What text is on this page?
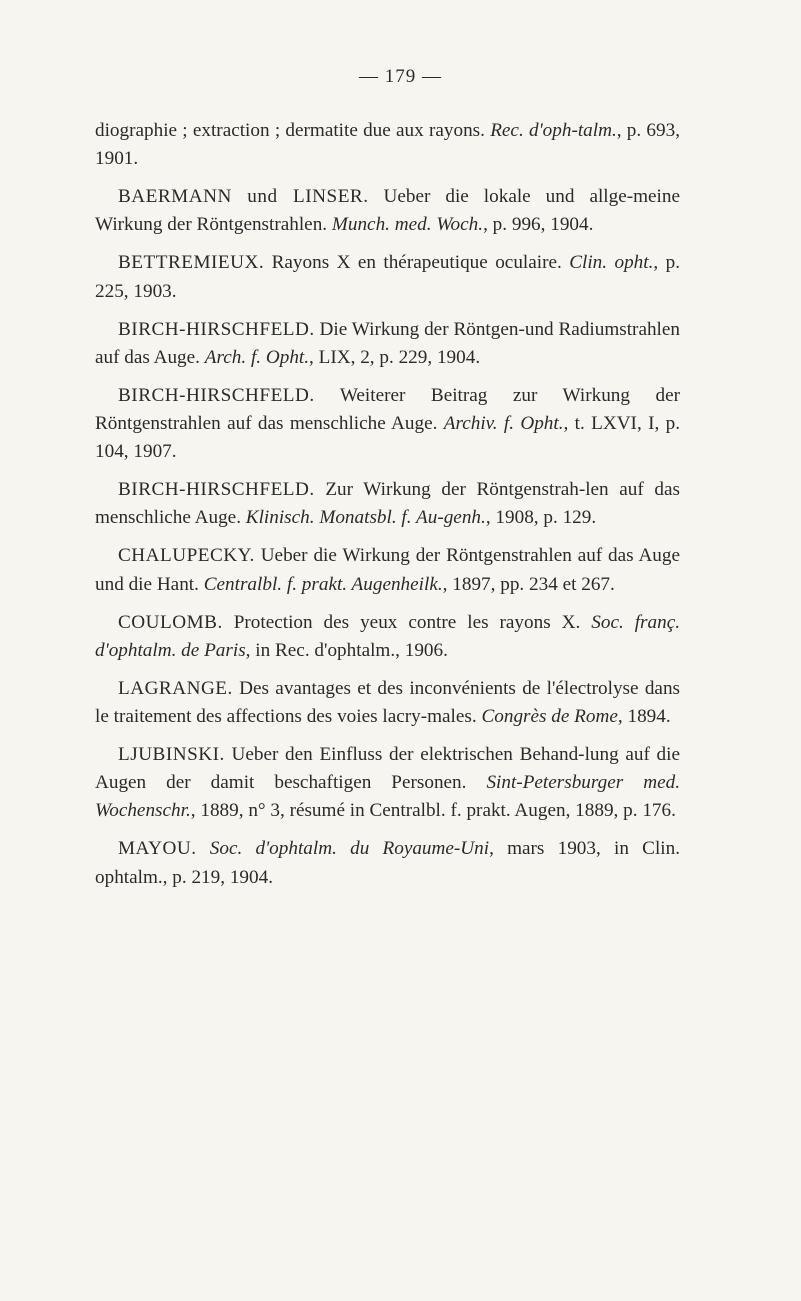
— 179 —

diographie ; extraction ; dermatite due aux rayons. Rec. d'oph-talm., p. 693, 1901.

BAERMANN und LINSER. Ueber die lokale und allge-meine Wirkung der Röntgenstrahlen. Munch. med. Woch., p. 996, 1904.

BETTREMIEUX. Rayons X en thérapeutique oculaire. Clin. opht., p. 225, 1903.

BIRCH-HIRSCHFELD. Die Wirkung der Röntgen-und Radiumstrahlen auf das Auge. Arch. f. Opht., LIX, 2, p. 229, 1904.

BIRCH-HIRSCHFELD. Weiterer Beitrag zur Wirkung der Röntgenstrahlen auf das menschliche Auge. Archiv. f. Opht., t. LXVI, I, p. 104, 1907.

BIRCH-HIRSCHFELD. Zur Wirkung der Röntgenstrah-len auf das menschliche Auge. Klinisch. Monatsbl. f. Au-genh., 1908, p. 129.

CHALUPECKY. Ueber die Wirkung der Röntgenstrahlen auf das Auge und die Hant. Centralbl. f. prakt. Augenheilk., 1897, pp. 234 et 267.

COULOMB. Protection des yeux contre les rayons X. Soc. franç. d'ophtalm. de Paris, in Rec. d'ophtalm., 1906.

LAGRANGE. Des avantages et des inconvénients de l'électrolyse dans le traitement des affections des voies lacry-males. Congrès de Rome, 1894.

LJUBINSKI. Ueber den Einfluss der elektrischen Behand-lung auf die Augen der damit beschaftigen Personen. Sint-Petersburger med. Wochenschr., 1889, n° 3, résumé in Centralbl. f. prakt. Augen, 1889, p. 176.

MAYOU. Soc. d'ophtalm. du Royaume-Uni, mars 1903, in Clin. ophtalm., p. 219, 1904.
